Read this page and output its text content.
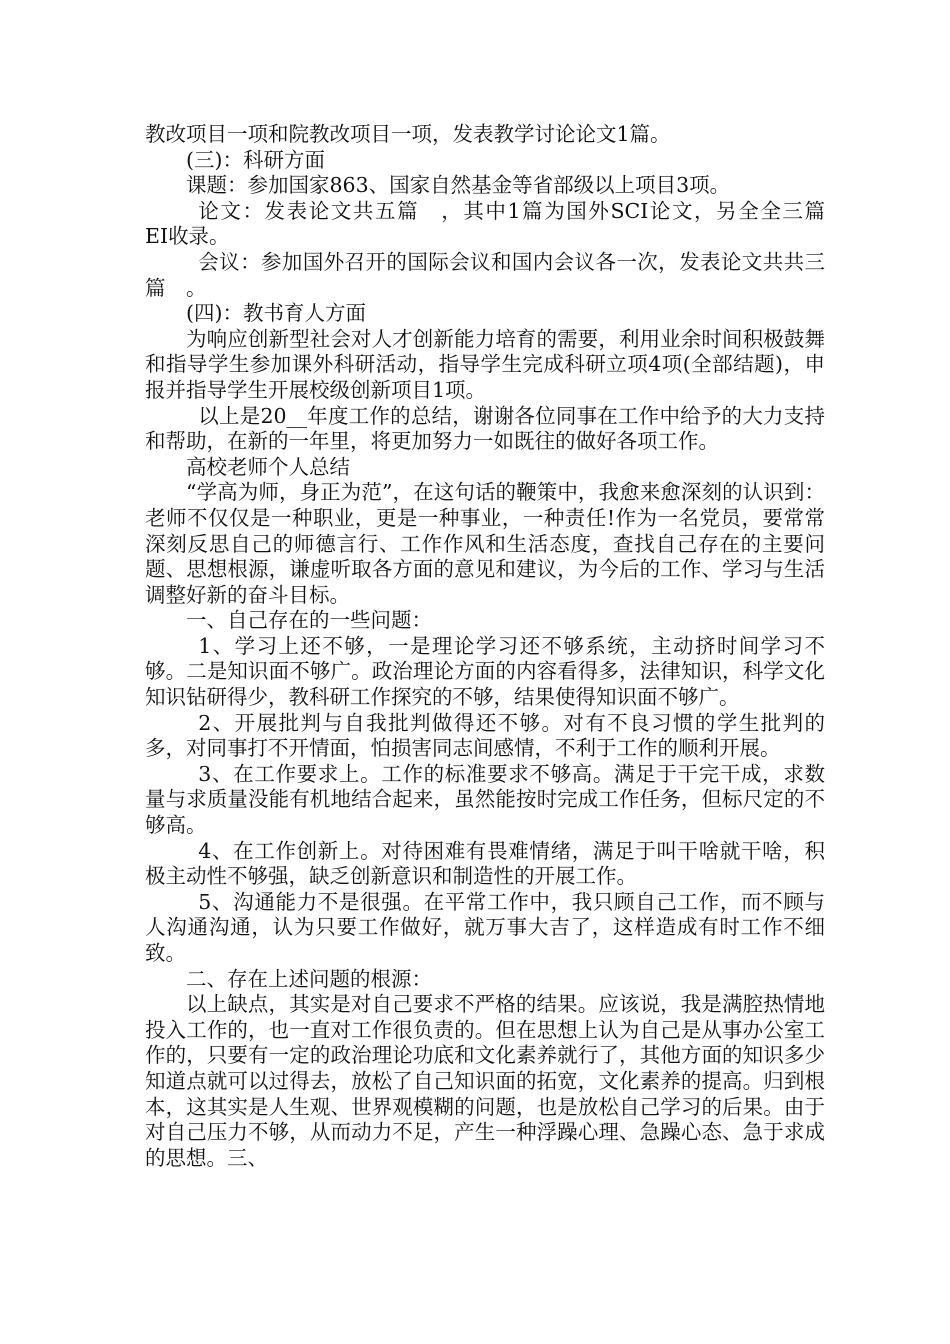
教改项目一项和院教改项目一项，发表教学讨论论文1篇。

(三)：科研方面

课题：参加国家863、国家自然基金等省部级以上项目3项。

论文：发表论文共五篇　，其中1篇为国外SCI论文，另全全三篇　EI收录。

会议：参加国外召开的国际会议和国内会议各一次，发表论文共共三篇　。

(四)：教书育人方面

为响应创新型社会对人才创新能力培育的需要，利用业余时间积极鼓舞和指导学生参加课外科研活动，指导学生完成科研立项4项(全部结题)，申报并指导学生开展校级创新项目1项。

以上是20__年度工作的总结，谢谢各位同事在工作中给予的大力支持和帮助，在新的一年里，将更加努力一如既往的做好各项工作。

高校老师个人总结

“学高为师，身正为范”，在这句话的鞭策中，我愈来愈深刻的认识到：老师不仅仅是一种职业，更是一种事业，一种责任!作为一名党员，要常常深刻反思自己的师德言行、工作作风和生活态度，查找自己存在的主要问题、思想根源，谦虚听取各方面的意见和建议，为今后的工作、学习与生活调整好新的奋斗目标。

一、自己存在的一些问题：

1、学习上还不够，一是理论学习还不够系统，主动挤时间学习不够。二是知识面不够广。政治理论方面的内容看得多，法律知识，科学文化知识钻研得少，教科研工作探究的不够，结果使得知识面不够广。

2、开展批判与自我批判做得还不够。对有不良习惯的学生批判的多，对同事打不开情面，怕损害同志间感情，不利于工作的顺利开展。

3、在工作要求上。工作的标准要求不够高。满足于干完干成，求数量与求质量没能有机地结合起来，虽然能按时完成工作任务，但标尺定的不够高。

4、在工作创新上。对待困难有畏难情绪，满足于叫干啥就干啥，积极主动性不够强，缺乏创新意识和制造性的开展工作。

5、沟通能力不是很强。在平常工作中，我只顾自己工作，而不顾与人沟通沟通，认为只要工作做好，就万事大吉了，这样造成有时工作不细致。

二、存在上述问题的根源：

以上缺点，其实是对自己要求不严格的结果。应该说，我是满腔热情地投入工作的，也一直对工作很负责的。但在思想上认为自己是从事办公室工作的，只要有一定的政治理论功底和文化素养就行了，其他方面的知识多少知道点就可以过得去，放松了自己知识面的拓宽，文化素养的提高。归到根本，这其实是人生观、世界观模糊的问题，也是放松自己学习的后果。由于对自己压力不够，从而动力不足，产生一种浮躁心理、急躁心态、急于求成的思想。三、
